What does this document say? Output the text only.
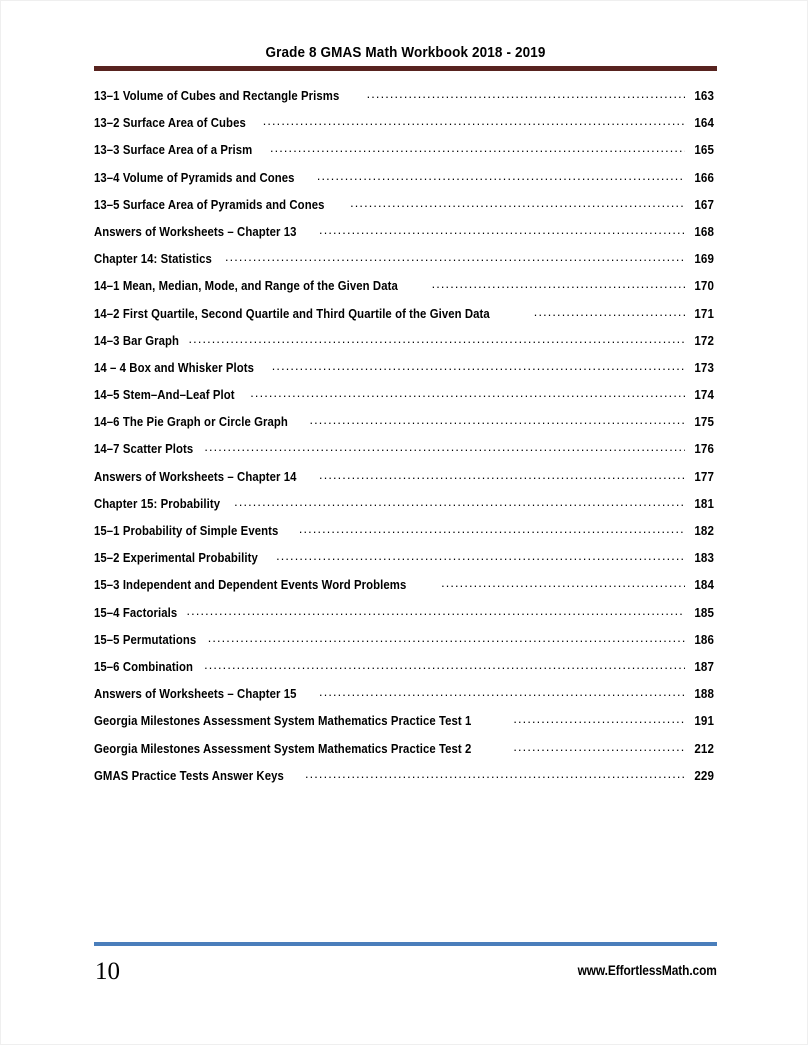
Grade 8 GMAS Math Workbook 2018 - 2019
13–1 Volume of Cubes and Rectangle Prisms .....	163
13–2 Surface Area of Cubes .....	164
13–3 Surface Area of a Prism .....	165
13–4 Volume of Pyramids and Cones .....	166
13–5 Surface Area of Pyramids and Cones .....	167
Answers of Worksheets – Chapter 13 .....	168
Chapter 14: Statistics .....	169
14–1 Mean, Median, Mode, and Range of the Given Data .....	170
14–2 First Quartile, Second Quartile and Third Quartile of the Given Data .....	171
14–3 Bar Graph .....	172
14 – 4 Box and Whisker Plots .....	173
14–5 Stem–And–Leaf Plot .....	174
14–6 The Pie Graph or Circle Graph .....	175
14–7 Scatter Plots .....	176
Answers of Worksheets – Chapter 14 .....	177
Chapter 15: Probability .....	181
15–1 Probability of Simple Events .....	182
15–2 Experimental Probability .....	183
15–3 Independent and Dependent Events Word Problems .....	184
15–4 Factorials .....	185
15–5 Permutations .....	186
15–6 Combination .....	187
Answers of Worksheets – Chapter 15 .....	188
Georgia Milestones Assessment System Mathematics Practice Test 1 .....	191
Georgia Milestones Assessment System Mathematics Practice Test 2 .....	212
GMAS Practice Tests Answer Keys .....	229
10	www.EffortlessMath.com
